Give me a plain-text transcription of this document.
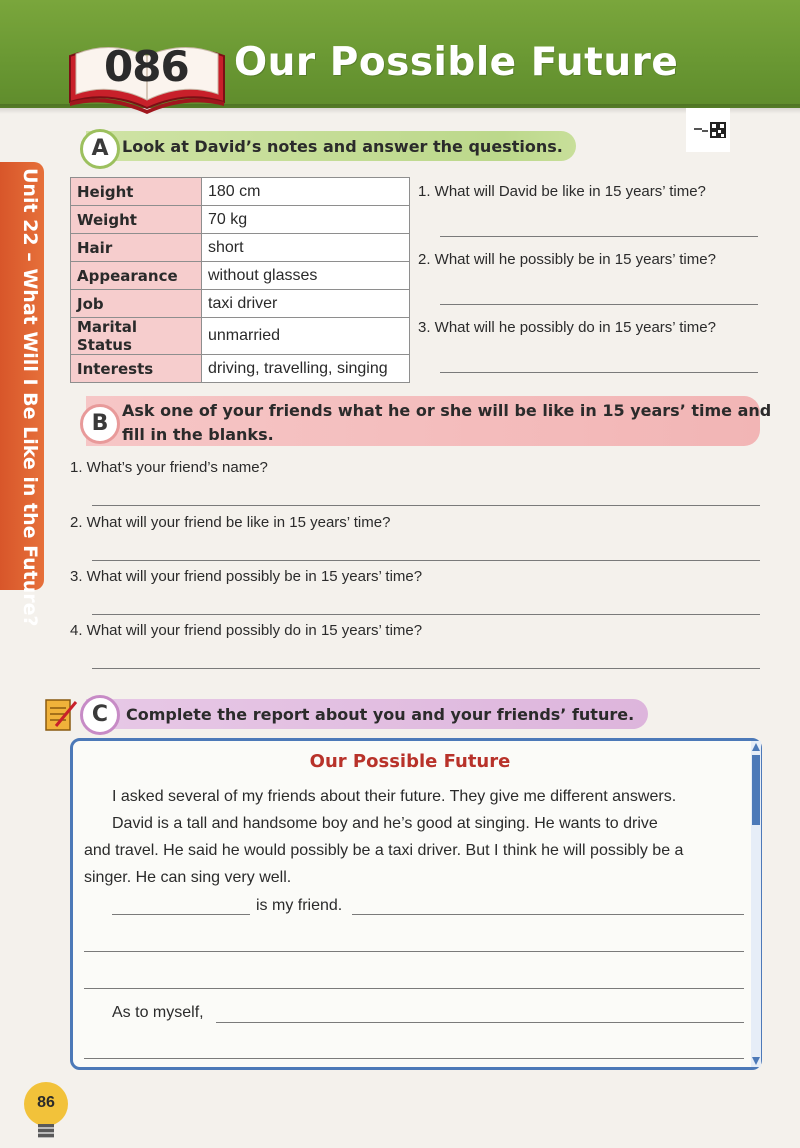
086 Our Possible Future
Unit 22 – What Will I Be Like in the Future?
A Look at David’s notes and answer the questions.
Height	180 cm
Weight	70 kg
Hair	short
Appearance	without glasses
Job	taxi driver
Marital Status	unmarried
Interests	driving, travelling, singing
1. What will David be like in 15 years’ time?
2. What will he possibly be in 15 years’ time?
3. What will he possibly do in 15 years’ time?
B
Ask one of your friends what he or she will be like in 15 years’ time and
fill in the blanks.
1. What’s your friend’s name?
2. What will your friend be like in 15 years’ time?
3. What will your friend possibly be in 15 years’ time?
4. What will your friend possibly do in 15 years’ time?
C	Complete the report about you and your friends’ future.
Our Possible Future
I asked several of my friends about their future. They give me different answers.
David is a tall and handsome boy and he’s good at singing. He wants to drive
and travel. He said he would possibly be a taxi driver. But I think he will possibly be a
singer. He can sing very well.
is my friend.
As to myself,
86
